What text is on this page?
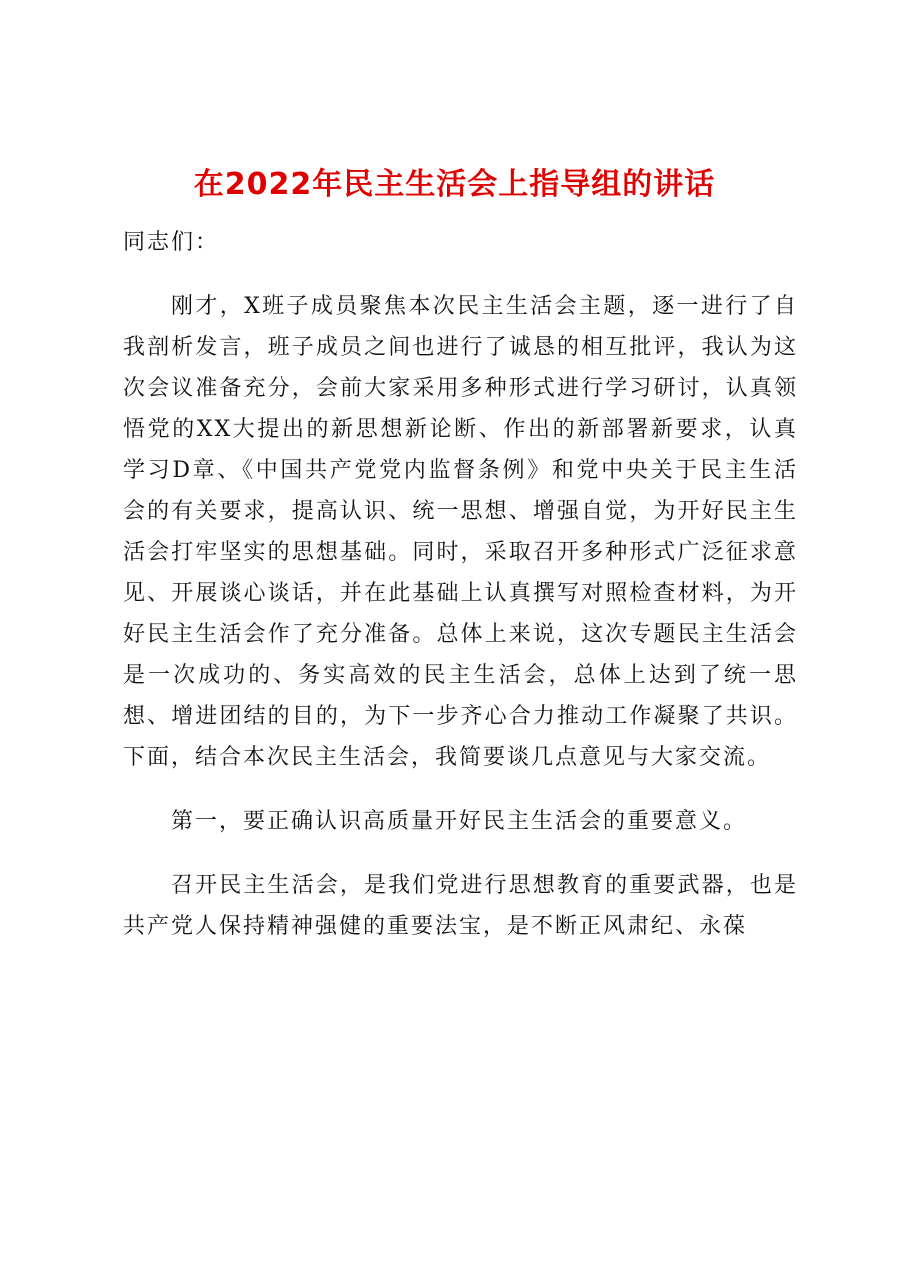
在2022年民主生活会上指导组的讲话

同志们：

刚才，X班子成员聚焦本次民主生活会主题，逐一进行了自我剖析发言，班子成员之间也进行了诚恳的相互批评，我认为这次会议准备充分，会前大家采用多种形式进行学习研讨，认真领悟党的XX大提出的新思想新论断、作出的新部署新要求，认真学习D章、《中国共产党党内监督条例》和党中央关于民主生活会的有关要求，提高认识、统一思想、增强自觉，为开好民主生活会打牢坚实的思想基础。同时，采取召开多种形式广泛征求意见、开展谈心谈话，并在此基础上认真撰写对照检查材料，为开好民主生活会作了充分准备。总体上来说，这次专题民主生活会是一次成功的、务实高效的民主生活会，总体上达到了统一思想、增进团结的目的，为下一步齐心合力推动工作凝聚了共识。下面，结合本次民主生活会，我简要谈几点意见与大家交流。

第一，要正确认识高质量开好民主生活会的重要意义。

召开民主生活会，是我们党进行思想教育的重要武器，也是共产党人保持精神强健的重要法宝，是不断正风肃纪、永葆
